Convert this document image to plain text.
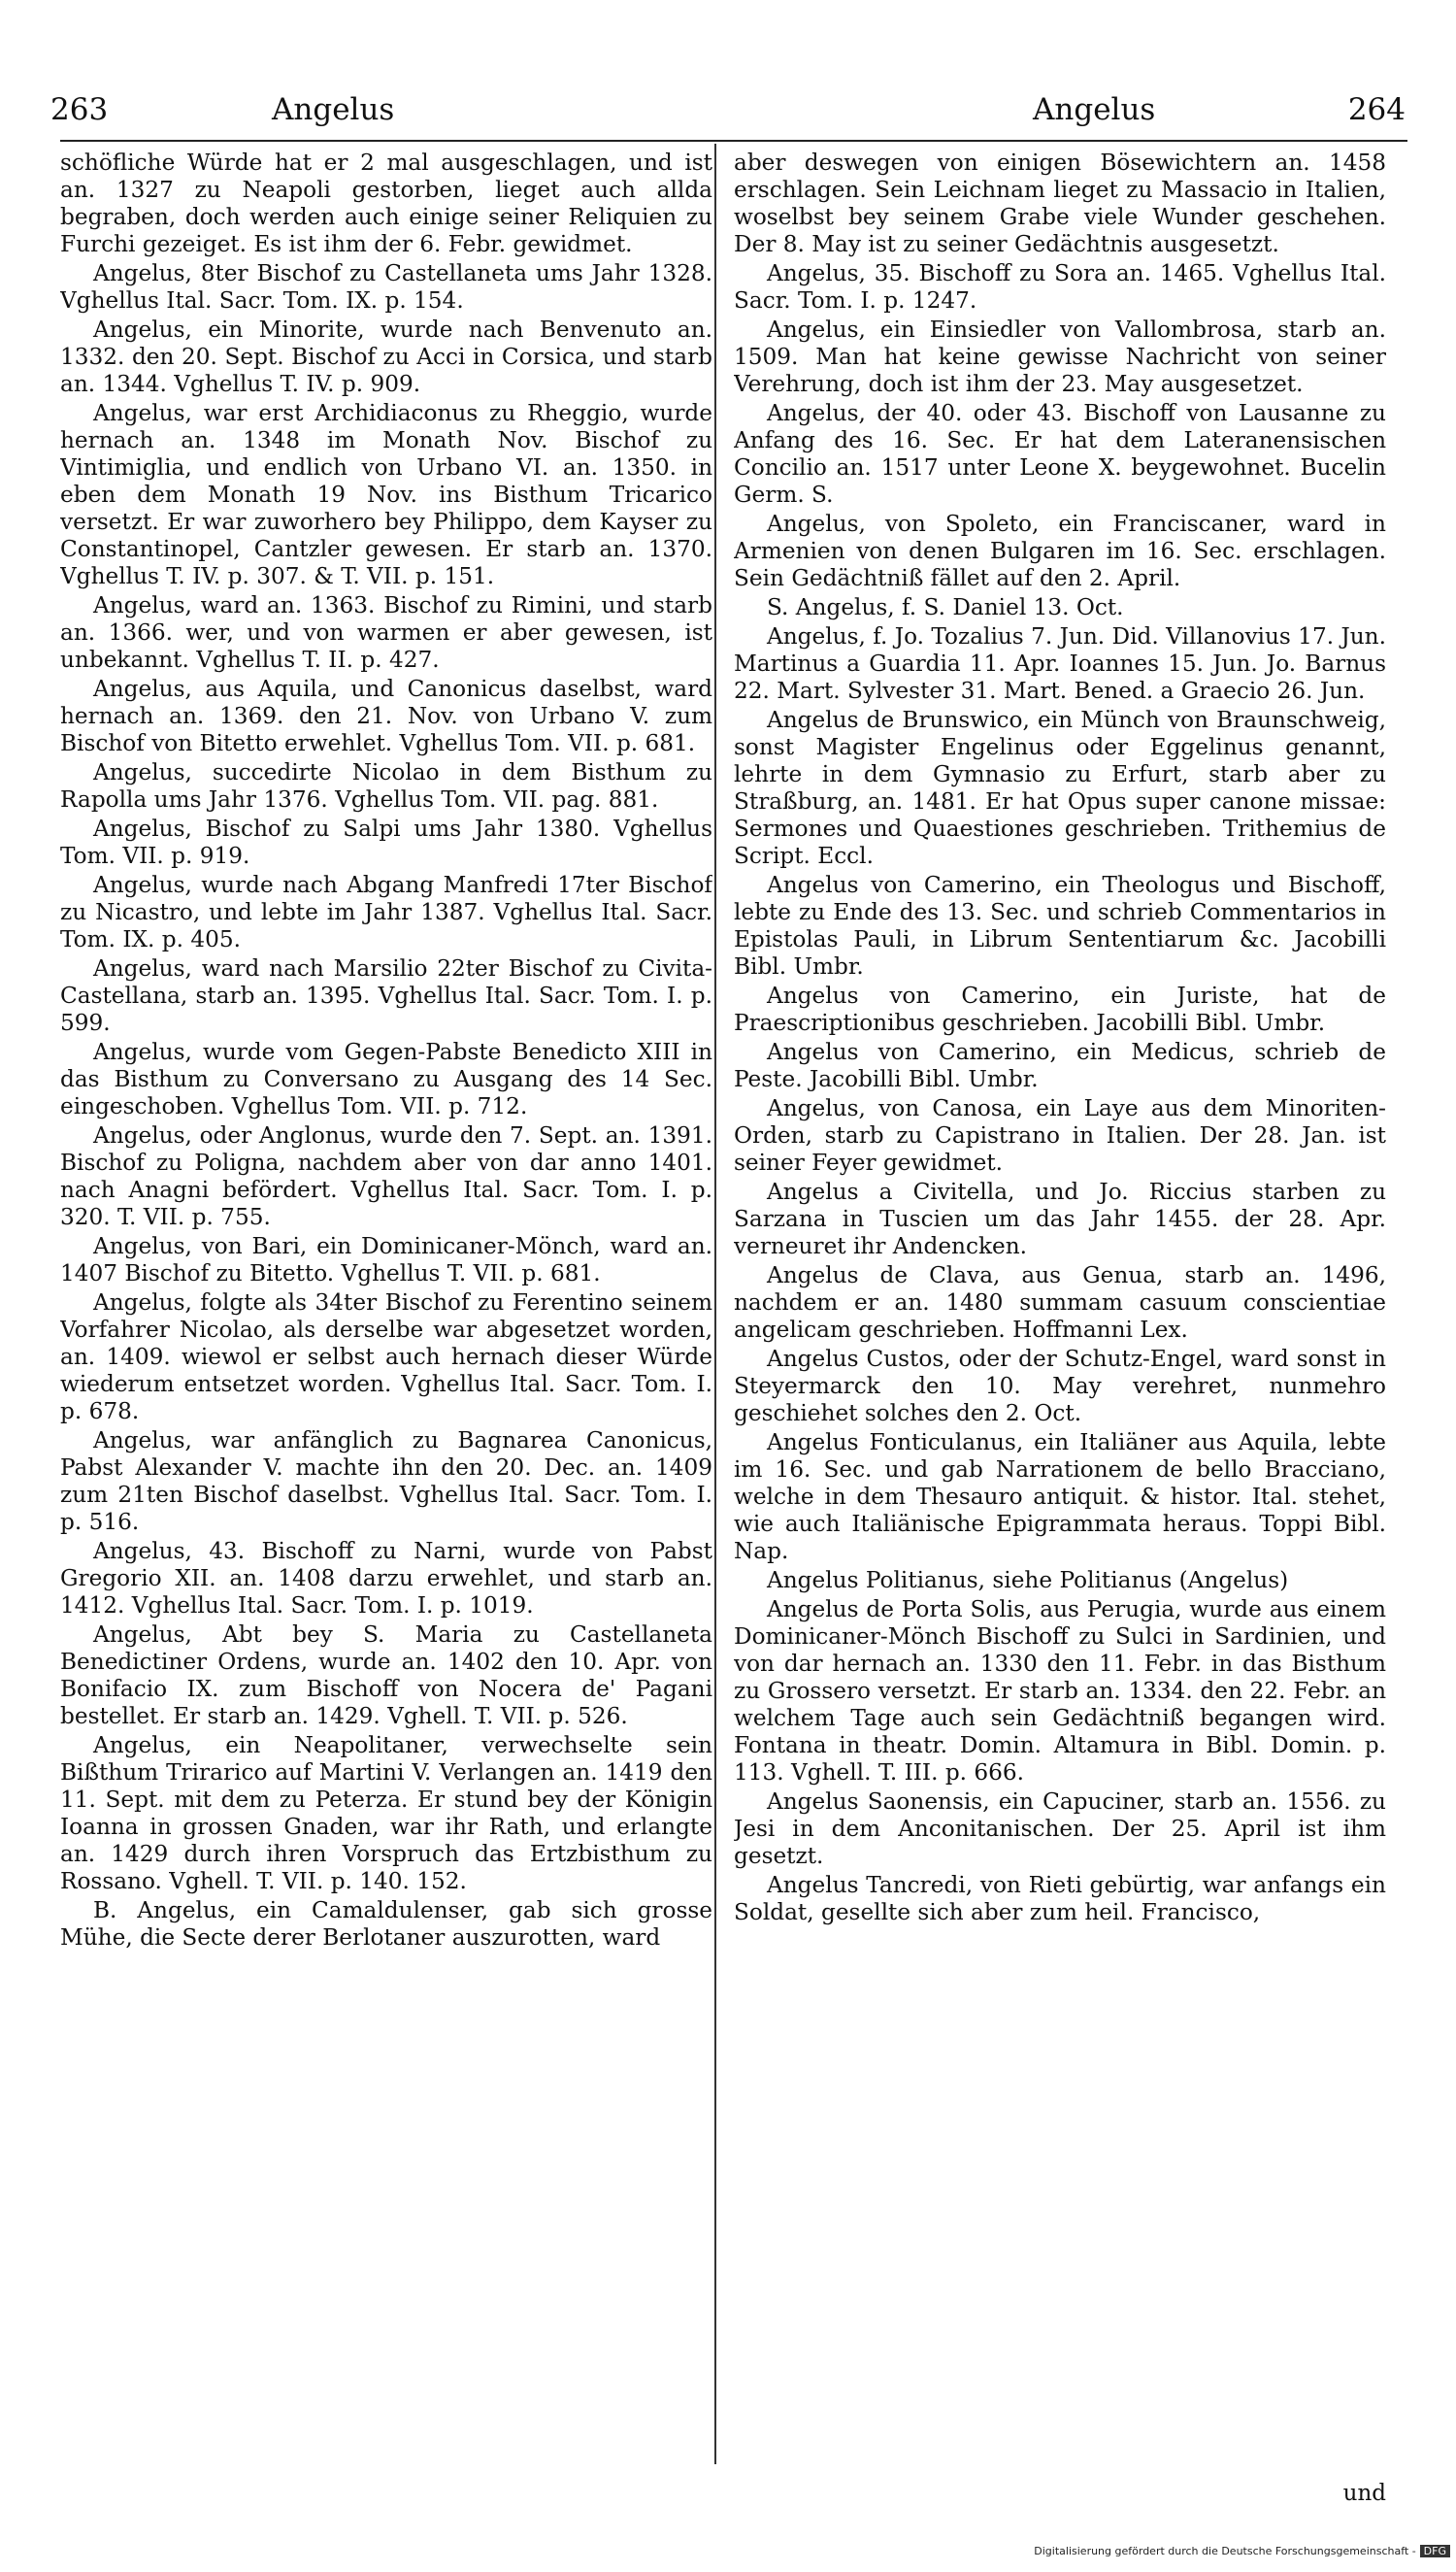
263	Angelus	Angelus	264

schöfliche Würde hat er 2 mal ausgeschlagen, und ist an. 1327 zu Neapoli gestorben, lieget auch allda begraben, doch werden auch einige seiner Reliquien zu Furchi gezeiget. Es ist ihm der 6. Febr. gewidmet.

Angelus, 8ter Bischof zu Castellaneta ums Jahr 1328. Vghellus Ital. Sacr. Tom. IX. p. 154.

Angelus, ein Minorite, wurde nach Benvenuto an. 1332. den 20. Sept. Bischof zu Acci in Corsica, und starb an. 1344. Vghellus T. IV. p. 909.

Angelus, war erst Archidiaconus zu Rheggio, wurde hernach an. 1348 im Monath Nov. Bischof zu Vintimiglia, und endlich von Urbano VI. an. 1350. in eben dem Monath 19 Nov. ins Bisthum Tricarico versetzt. Er war zuworhero bey Philippo, dem Kayser zu Constantinopel, Cantzler gewesen. Er starb an. 1370. Vghellus T. IV. p. 307. & T. VII. p. 151.

Angelus, ward an. 1363. Bischof zu Rimini, und starb an. 1366. wer, und von warmen er aber gewesen, ist unbekannt. Vghellus T. II. p. 427.

Angelus, aus Aquila, und Canonicus daselbst, ward hernach an. 1369. den 21. Nov. von Urbano V. zum Bischof von Bitetto erwehlet. Vghellus Tom. VII. p. 681.

Angelus, succedirte Nicolao in dem Bisthum zu Rapolla ums Jahr 1376. Vghellus Tom. VII. pag. 881.

Angelus, Bischof zu Salpi ums Jahr 1380. Vghellus Tom. VII. p. 919.

Angelus, wurde nach Abgang Manfredi 17ter Bischof zu Nicastro, und lebte im Jahr 1387. Vghellus Ital. Sacr. Tom. IX. p. 405.

Angelus, ward nach Marsilio 22ter Bischof zu Civita-Castellana, starb an. 1395. Vghellus Ital. Sacr. Tom. I. p. 599.

Angelus, wurde vom Gegen-Pabste Benedicto XIII in das Bisthum zu Conversano zu Ausgang des 14 Sec. eingeschoben. Vghellus Tom. VII. p. 712.

Angelus, oder Anglonus, wurde den 7. Sept. an. 1391. Bischof zu Poligna, nachdem aber von dar anno 1401. nach Anagni befördert. Vghellus Ital. Sacr. Tom. I. p. 320. T. VII. p. 755.

Angelus, von Bari, ein Dominicaner-Mönch, ward an. 1407 Bischof zu Bitetto. Vghellus T. VII. p. 681.

Angelus, folgte als 34ter Bischof zu Ferentino seinem Vorfahrer Nicolao, als derselbe war abgesetzet worden, an. 1409. wiewol er selbst auch hernach dieser Würde wiederum entsetzet worden. Vghellus Ital. Sacr. Tom. I. p. 678.

Angelus, war anfänglich zu Bagnarea Canonicus, Pabst Alexander V. machte ihn den 20. Dec. an. 1409 zum 21ten Bischof daselbst. Vghellus Ital. Sacr. Tom. I. p. 516.

Angelus, 43. Bischoff zu Narni, wurde von Pabst Gregorio XII. an. 1408 darzu erwehlet, und starb an. 1412. Vghellus Ital. Sacr. Tom. I. p. 1019.

Angelus, Abt bey S. Maria zu Castellaneta Benedictiner Ordens, wurde an. 1402 den 10. Apr. von Bonifacio IX. zum Bischoff von Nocera de' Pagani bestellet. Er starb an. 1429. Vghell. T. VII. p. 526.

Angelus, ein Neapolitaner, verwechselte sein Bißthum Trirarico auf Martini V. Verlangen an. 1419 den 11. Sept. mit dem zu Peterza. Er stund bey der Königin Ioanna in grossen Gnaden, war ihr Rath, und erlangte an. 1429 durch ihren Vorspruch das Ertzbisthum zu Rossano. Vghell. T. VII. p. 140. 152.

B. Angelus, ein Camaldulenser, gab sich grosse Mühe, die Secte derer Berlotaner auszurotten, ward

aber deswegen von einigen Bösewichtern an. 1458 erschlagen. Sein Leichnam lieget zu Massacio in Italien, woselbst bey seinem Grabe viele Wunder geschehen. Der 8. May ist zu seiner Gedächtnis ausgesetzt.

Angelus, 35. Bischoff zu Sora an. 1465. Vghellus Ital. Sacr. Tom. I. p. 1247.

Angelus, ein Einsiedler von Vallombrosa, starb an. 1509. Man hat keine gewisse Nachricht von seiner Verehrung, doch ist ihm der 23. May ausgesetzet.

Angelus, der 40. oder 43. Bischoff von Lausanne zu Anfang des 16. Sec. Er hat dem Lateranensischen Concilio an. 1517 unter Leone X. beygewohnet. Bucelin Germ. S.

Angelus, von Spoleto, ein Franciscaner, ward in Armenien von denen Bulgaren im 16. Sec. erschlagen. Sein Gedächtniß fället auf den 2. April.

S. Angelus, f. S. Daniel 13. Oct.

Angelus, f. Jo. Tozalius 7. Jun. Did. Villanovius 17. Jun. Martinus a Guardia 11. Apr. Ioannes 15. Jun. Jo. Barnus 22. Mart. Sylvester 31. Mart. Bened. a Graecio 26. Jun.

Angelus de Brunswico, ein Münch von Braunschweig, sonst Magister Engelinus oder Eggelinus genannt, lehrte in dem Gymnasio zu Erfurt, starb aber zu Straßburg, an. 1481. Er hat Opus super canone missae: Sermones und Quaestiones geschrieben. Trithemius de Script. Eccl.

Angelus von Camerino, ein Theologus und Bischoff, lebte zu Ende des 13. Sec. und schrieb Commentarios in Epistolas Pauli, in Librum Sententiarum &c. Jacobilli Bibl. Umbr.

Angelus von Camerino, ein Juriste, hat de Praescriptionibus geschrieben. Jacobilli Bibl. Umbr.

Angelus von Camerino, ein Medicus, schrieb de Peste. Jacobilli Bibl. Umbr.

Angelus, von Canosa, ein Laye aus dem Minoriten-Orden, starb zu Capistrano in Italien. Der 28. Jan. ist seiner Feyer gewidmet.

Angelus a Civitella, und Jo. Riccius starben zu Sarzana in Tuscien um das Jahr 1455. der 28. Apr. verneuret ihr Andencken.

Angelus de Clava, aus Genua, starb an. 1496, nachdem er an. 1480 summam casuum conscientiae angelicam geschrieben. Hoffmanni Lex.

Angelus Custos, oder der Schutz-Engel, ward sonst in Steyermarck den 10. May verehret, nunmehro geschiehet solches den 2. Oct.

Angelus Fonticulanus, ein Italiäner aus Aquila, lebte im 16. Sec. und gab Narrationem de bello Bracciano, welche in dem Thesauro antiquit. & histor. Ital. stehet, wie auch Italiänische Epigrammata heraus. Toppi Bibl. Nap.

Angelus Politianus, siehe Politianus (Angelus)

Angelus de Porta Solis, aus Perugia, wurde aus einem Dominicaner-Mönch Bischoff zu Sulci in Sardinien, und von dar hernach an. 1330 den 11. Febr. in das Bisthum zu Grossero versetzt. Er starb an. 1334. den 22. Febr. an welchem Tage auch sein Gedächtniß begangen wird. Fontana in theatr. Domin. Altamura in Bibl. Domin. p. 113. Vghell. T. III. p. 666.

Angelus Saonensis, ein Capuciner, starb an. 1556. zu Jesi in dem Anconitanischen. Der 25. April ist ihm gesetzt.

Angelus Tancredi, von Rieti gebürtig, war anfangs ein Soldat, gesellte sich aber zum heil. Francisco,

und
Digitalisierung gefördert durch die Deutsche Forschungsgemeinschaft - DFG
